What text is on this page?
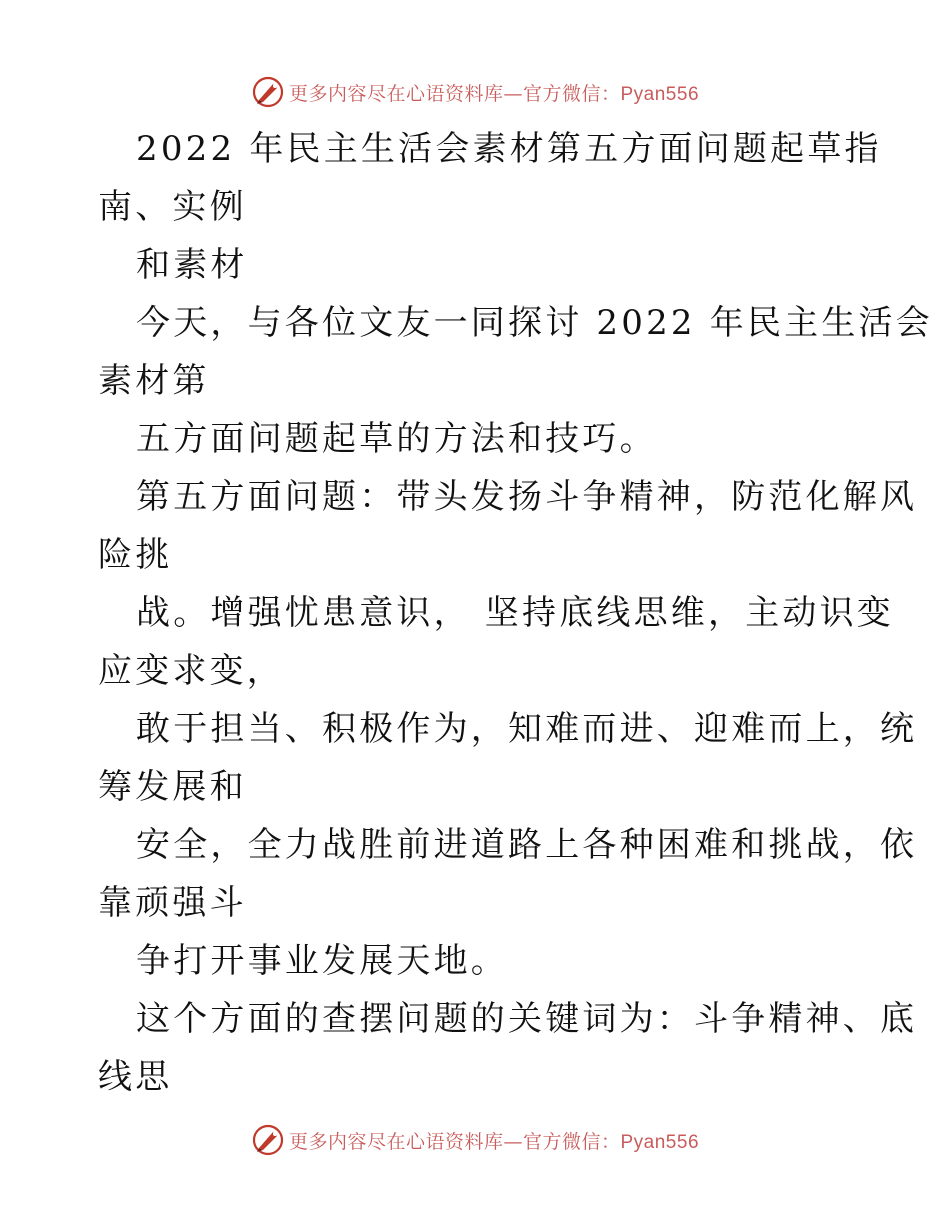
更多内容尽在心语资料库—官方微信：Pyan556
2022 年民主生活会素材第五方面问题起草指
南、实例
和素材
今天，与各位文友一同探讨 2022 年民主生活会
素材第
五方面问题起草的方法和技巧。
第五方面问题：带头发扬斗争精神，防范化解风
险挑
战。增强忧患意识， 坚持底线思维，主动识变
应变求变，
敢于担当、积极作为，知难而进、迎难而上，统
筹发展和
安全，全力战胜前进道路上各种困难和挑战，依
靠顽强斗
争打开事业发展天地。
这个方面的查摆问题的关键词为：斗争精神、底
线思
更多内容尽在心语资料库—官方微信：Pyan556
